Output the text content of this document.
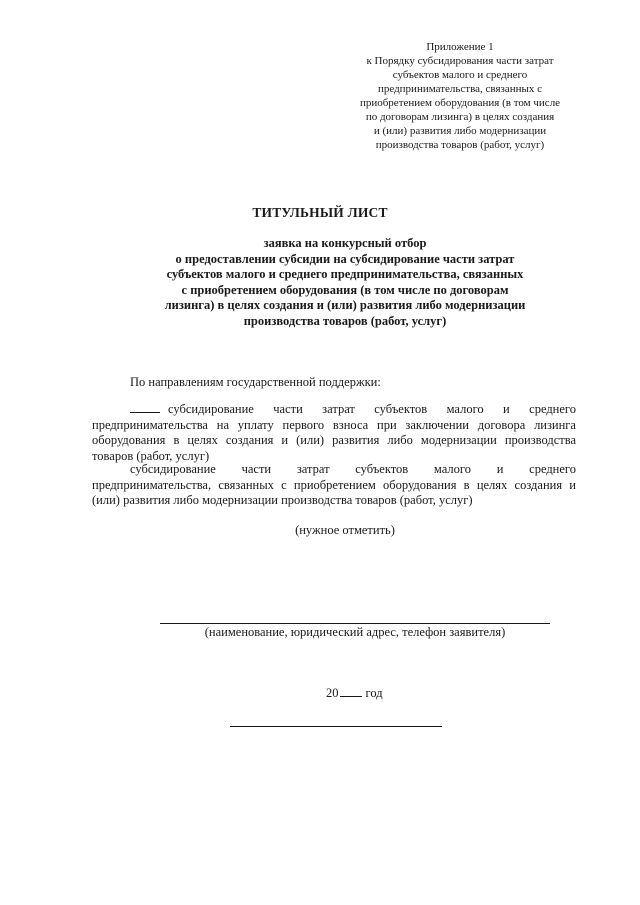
Приложение 1
к Порядку субсидирования части затрат
субъектов малого и среднего
предпринимательства, связанных с
приобретением оборудования (в том числе
по договорам лизинга) в целях создания
и (или) развития либо модернизации
производства товаров (работ, услуг)
ТИТУЛЬНЫЙ ЛИСТ
заявка на конкурсный отбор
о предоставлении субсидии на субсидирование части затрат
субъектов малого и среднего предпринимательства, связанных
с приобретением оборудования (в том числе по договорам
лизинга) в целях создания и (или) развития либо модернизации
производства товаров (работ, услуг)
По направлениям государственной поддержки:
субсидирование части затрат субъектов малого и среднего
предпринимательства на уплату первого взноса при заключении договора лизинга
оборудования в целях создания и (или) развития либо модернизации производства
товаров (работ, услуг)
субсидирование части затрат субъектов малого и среднего
предпринимательства, связанных с приобретением оборудования в целях создания и
(или) развития либо модернизации производства товаров (работ, услуг)
(нужное отметить)
(наименование, юридический адрес, телефон заявителя)
20 год
